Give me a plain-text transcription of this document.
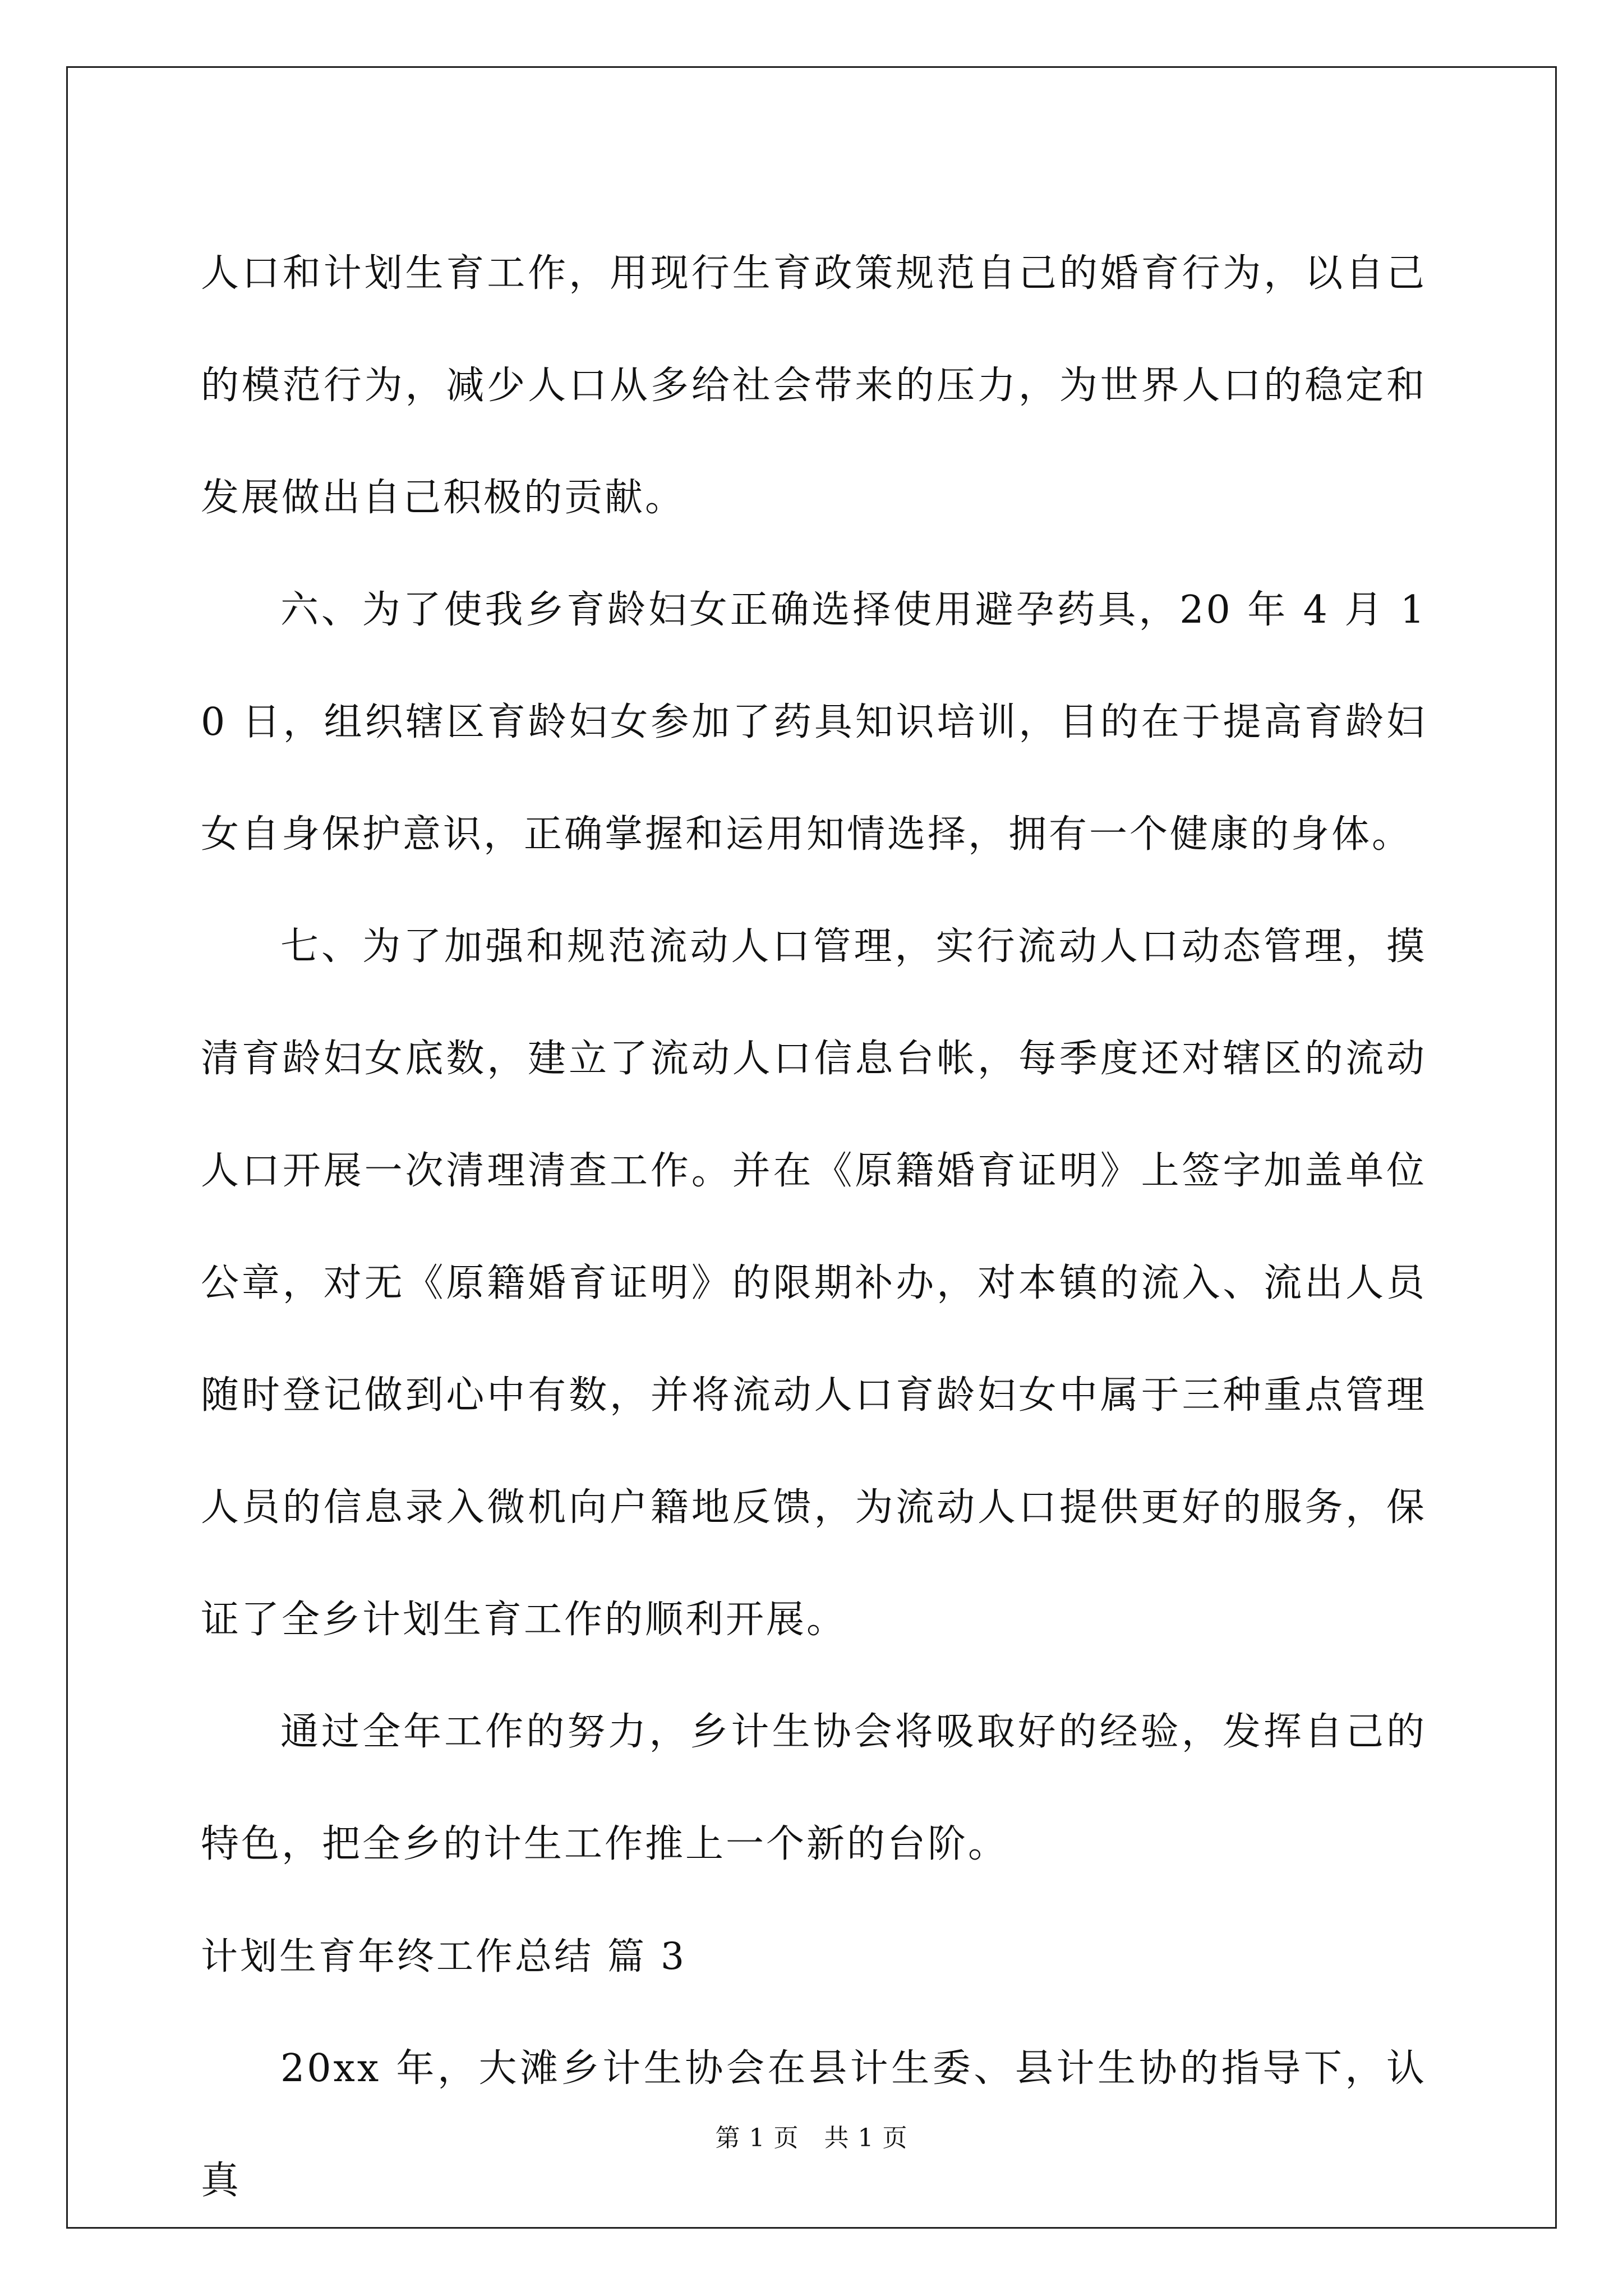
人口和计划生育工作，用现行生育政策规范自己的婚育行为，以自己的模范行为，减少人口从多给社会带来的压力，为世界人口的稳定和发展做出自己积极的贡献。

六、为了使我乡育龄妇女正确选择使用避孕药具，20 年 4 月 10 日，组织辖区育龄妇女参加了药具知识培训，目的在于提高育龄妇女自身保护意识，正确掌握和运用知情选择，拥有一个健康的身体。

七、为了加强和规范流动人口管理，实行流动人口动态管理，摸清育龄妇女底数，建立了流动人口信息台帐，每季度还对辖区的流动人口开展一次清理清查工作。并在《原籍婚育证明》上签字加盖单位公章，对无《原籍婚育证明》的限期补办，对本镇的流入、流出人员随时登记做到心中有数，并将流动人口育龄妇女中属于三种重点管理人员的信息录入微机向户籍地反馈，为流动人口提供更好的服务，保证了全乡计划生育工作的顺利开展。

通过全年工作的努力，乡计生协会将吸取好的经验，发挥自己的特色，把全乡的计生工作推上一个新的台阶。

计划生育年终工作总结 篇 3

20xx 年，大滩乡计生协会在县计生委、县计生协的指导下，认真

第 1 页   共 1 页
